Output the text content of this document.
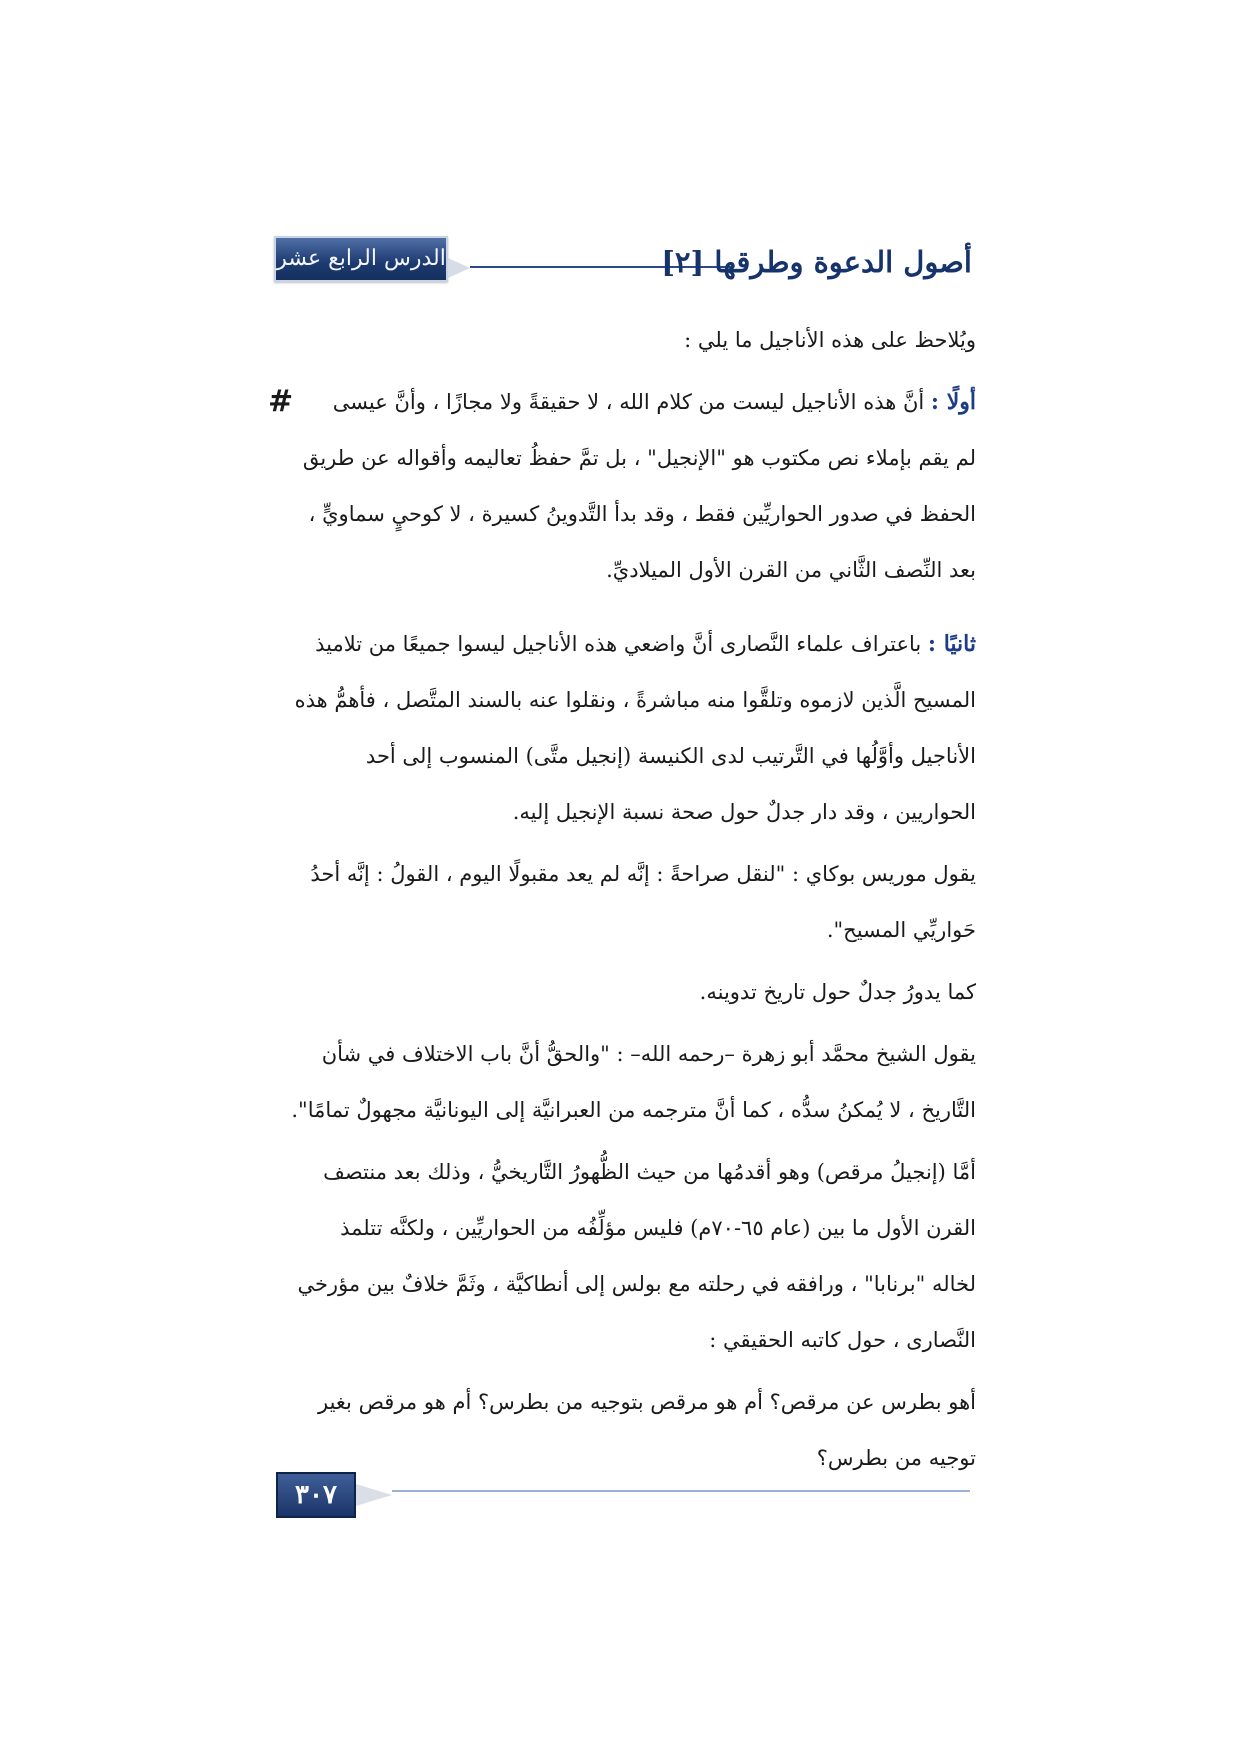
الدرس الرابع عشر	أصول الدعوة وطرقها [٢]

ويُلاحظ على هذه الأناجيل ما يلي :

#	أولًا : أنَّ هذه الأناجيل ليست من كلام الله ، لا حقيقةً ولا مجازًا ، وأنَّ عيسى

لم يقم بإملاء نص مكتوب هو "الإنجيل" ، بل تمَّ حفظُ تعاليمه وأقواله عن طريق

الحفظ في صدور الحواريِّين فقط ، وقد بدأ التَّدوينُ كسيرة ، لا كوحيٍ سماويٍّ ،

بعد النِّصف الثَّاني من القرن الأول الميلاديِّ.

ثانيًا : باعتراف علماء النَّصارى أنَّ واضعي هذه الأناجيل ليسوا جميعًا من تلاميذ

المسيح الَّذين لازموه وتلقَّوا منه مباشرةً ، ونقلوا عنه بالسند المتَّصل ، فأهمُّ هذه

الأناجيل وأوَّلُها في التَّرتيب لدى الكنيسة (إنجيل متَّى) المنسوب إلى أحد

الحواريين ، وقد دار جدلٌ حول صحة نسبة الإنجيل إليه.

يقول موريس بوكاي : "لنقل صراحةً : إنَّه لم يعد مقبولًا اليوم ، القولُ : إنَّه أحدُ

حَواريِّي المسيح".

كما يدورُ جدلٌ حول تاريخ تدوينه.

يقول الشيخ محمَّد أبو زهرة –رحمه الله– : "والحقُّ أنَّ باب الاختلاف في شأن

التَّاريخ ، لا يُمكنُ سدُّه ، كما أنَّ مترجمه من العبرانيَّة إلى اليونانيَّة مجهولٌ تمامًا".

أمَّا (إنجيلُ مرقص) وهو أقدمُها من حيث الظُّهورُ التَّاريخيُّ ، وذلك بعد منتصف

القرن الأول ما بين (عام ٦٥-٧٠م) فليس مؤلِّفُه من الحواريِّين ، ولكنَّه تتلمذ

لخاله "برنابا" ، ورافقه في رحلته مع بولس إلى أنطاكيَّة ، وثَمَّ خلافٌ بين مؤرخي

النَّصارى ، حول كاتبه الحقيقي :

أهو بطرس عن مرقص؟ أم هو مرقص بتوجيه من بطرس؟ أم هو مرقص بغير

توجيه من بطرس؟

٣٠٧
